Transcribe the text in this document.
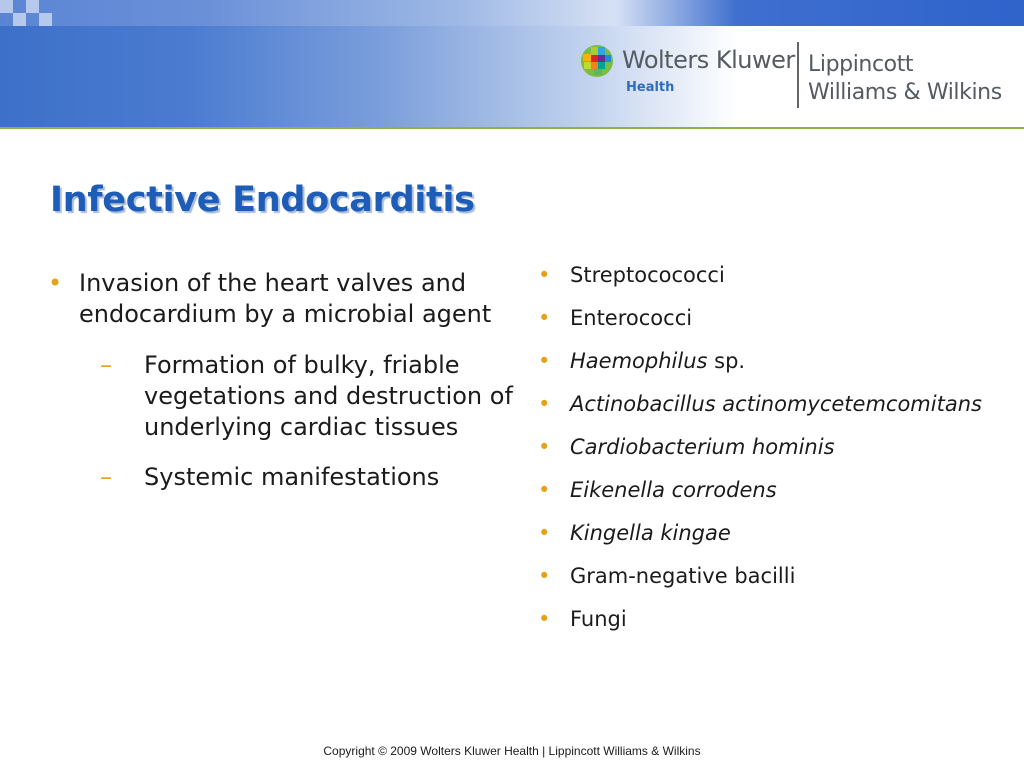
Wolters Kluwer
Health
Lippincott
Williams & Wilkins
Infective Endocarditis
• Invasion of the heart valves and endocardium by a microbial agent
– Formation of bulky, friable vegetations and destruction of underlying cardiac tissues
– Systemic manifestations
• Streptocococci
• Enterococci
• Haemophilus sp.
• Actinobacillus actinomycetemcomitans
• Cardiobacterium hominis
• Eikenella corrodens
• Kingella kingae
• Gram-negative bacilli
• Fungi
Copyright © 2009 Wolters Kluwer Health | Lippincott Williams & Wilkins
